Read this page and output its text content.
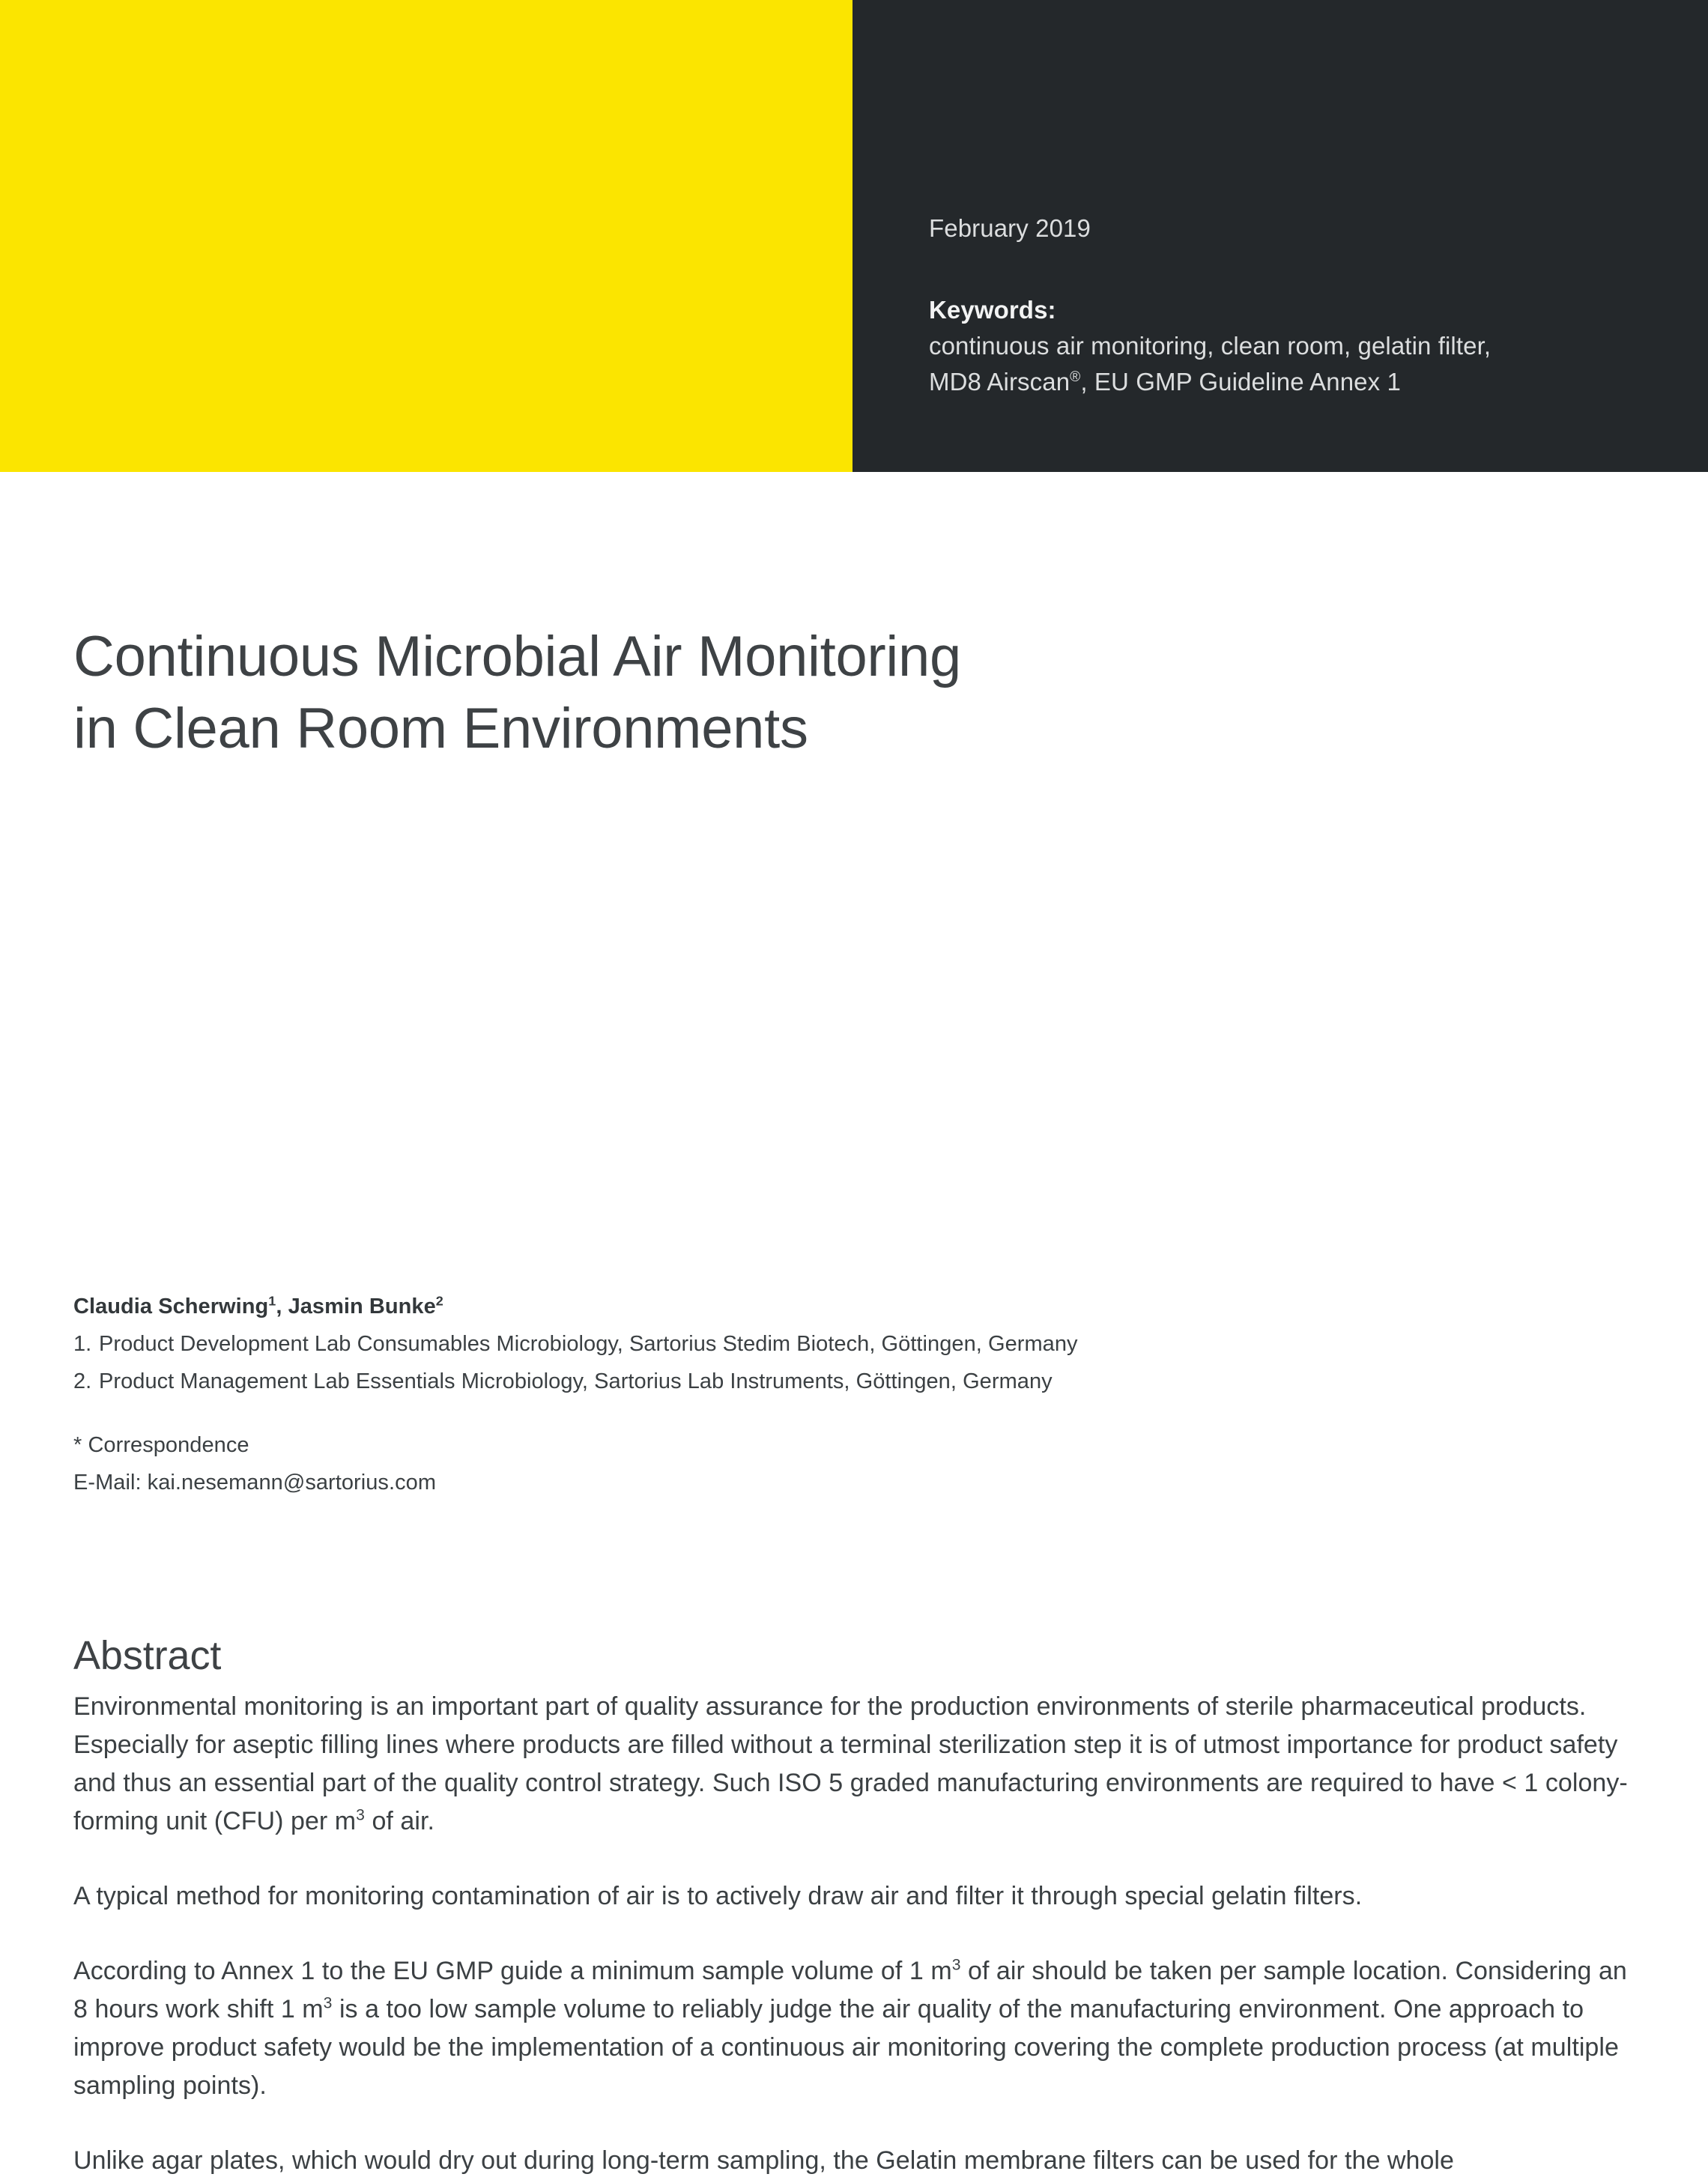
February 2019
Keywords:
continuous air monitoring, clean room, gelatin filter,
MD8 Airscan®, EU GMP Guideline Annex 1
Continuous Microbial Air Monitoring
in Clean Room Environments
Claudia Scherwing$^1$, Jasmin Bunke$^2$
1. Product Development Lab Consumables Microbiology, Sartorius Stedim Biotech, Göttingen, Germany
2. Product Management Lab Essentials Microbiology, Sartorius Lab Instruments, Göttingen, Germany
* Correspondence
E-Mail: kai.nesemann@sartorius.com
Abstract

Environmental monitoring is an important part of quality assurance for the production environments of sterile pharmaceutical products. Especially for aseptic filling lines where products are filled without a terminal sterilization step it is of utmost importance for product safety and thus an essential part of the quality control strategy. Such ISO 5 graded manufacturing environments are required to have < 1 colony-forming unit (CFU) per $m^3$ of air.

A typical method for monitoring contamination of air is to actively draw air and filter it through special gelatin filters.

According to Annex 1 to the EU GMP guide a minimum sample volume of 1 $m^3$ of air should be taken per sample location. Considering an 8 hours work shift 1 $m^3$ is a too low sample volume to reliably judge the air quality of the manufacturing environment. One approach to improve product safety would be the implementation of a continuous air monitoring covering the complete production process (at multiple sampling points).

Unlike agar plates, which would dry out during long-term sampling, the Gelatin membrane filters can be used for the whole
